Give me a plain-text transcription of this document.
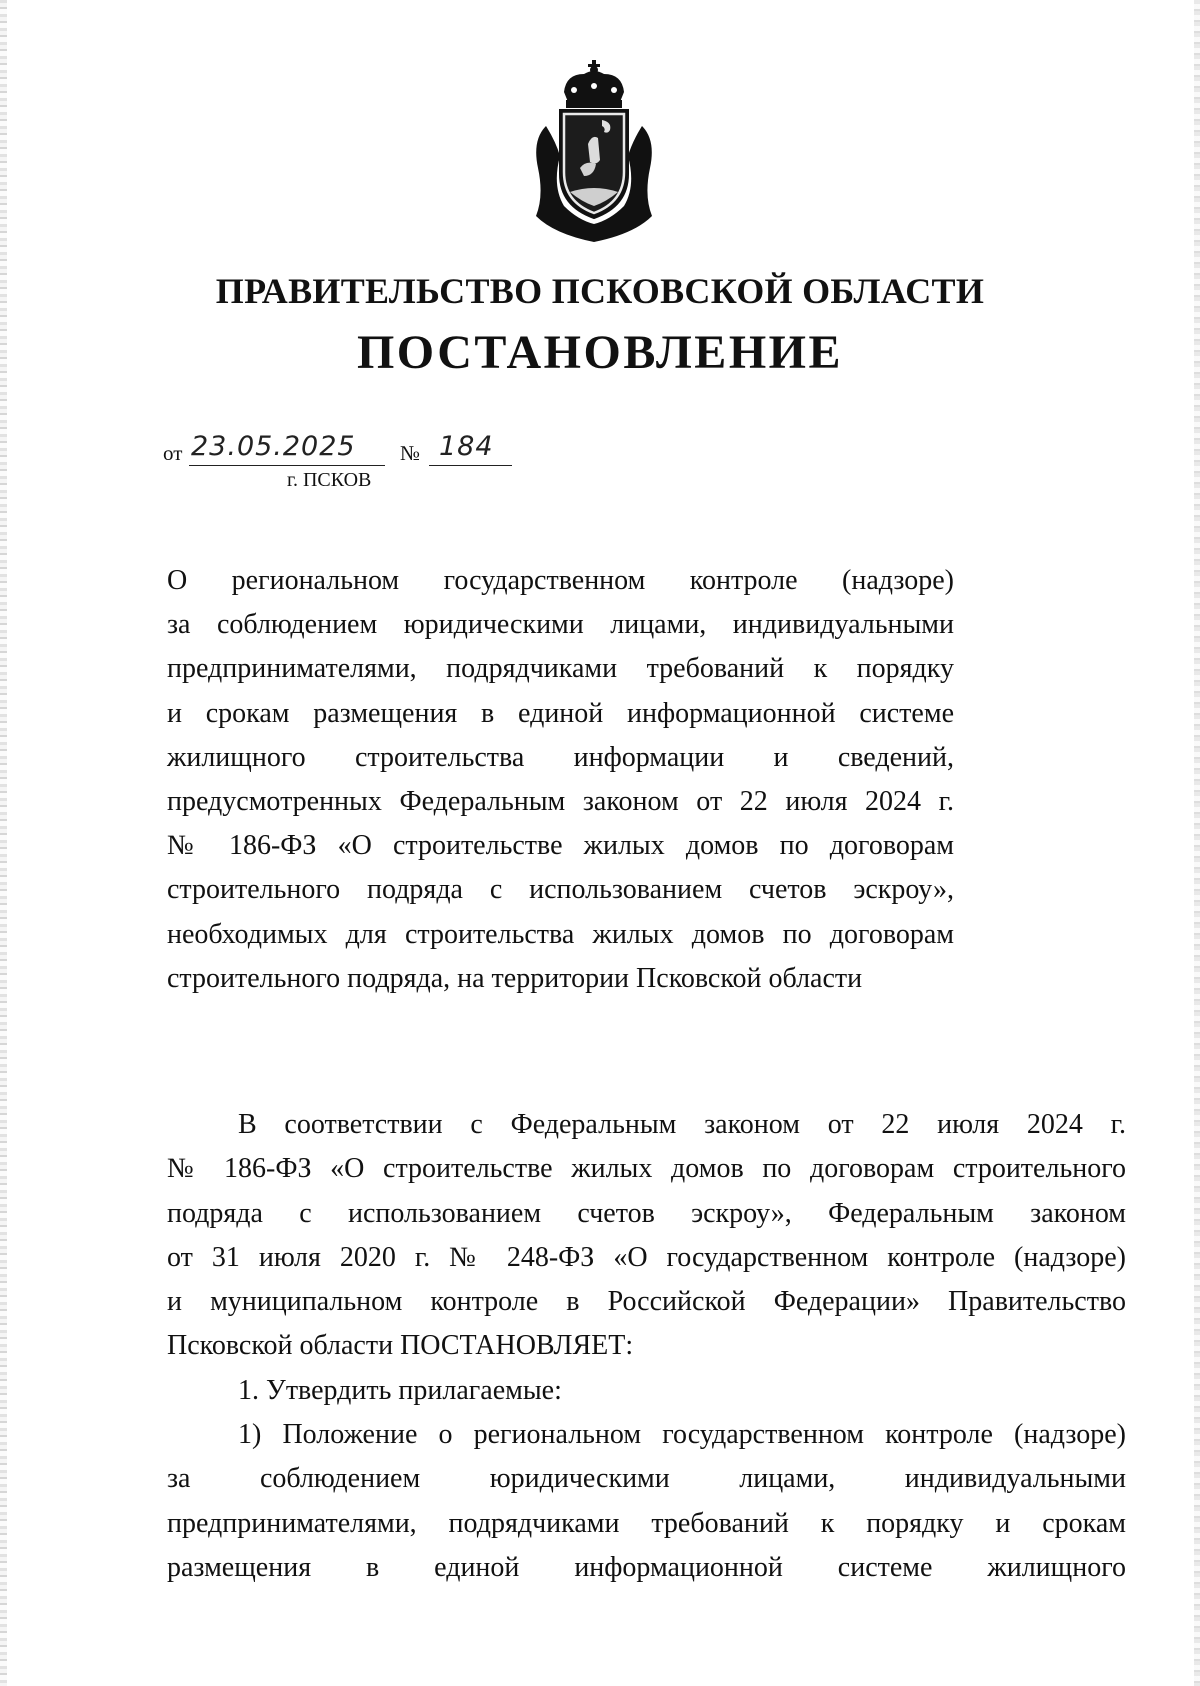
ПРАВИТЕЛЬСТВО ПСКОВСКОЙ ОБЛАСТИ
ПОСТАНОВЛЕНИЕ
от 23.05.2025 № 184
г. ПСКОВ
О региональном государственном контроле (надзоре)
за соблюдением юридическими лицами, индивидуальными
предпринимателями, подрядчиками требований к порядку
и срокам размещения в единой информационной системе
жилищного строительства информации и сведений,
предусмотренных Федеральным законом от 22 июля 2024 г.
№ 186-ФЗ «О строительстве жилых домов по договорам
строительного подряда с использованием счетов эскроу»,
необходимых для строительства жилых домов по договорам
строительного подряда, на территории Псковской области
В соответствии с Федеральным законом от 22 июля 2024 г.
№ 186-ФЗ «О строительстве жилых домов по договорам строительного
подряда с использованием счетов эскроу», Федеральным законом
от 31 июля 2020 г. № 248-ФЗ «О государственном контроле (надзоре)
и муниципальном контроле в Российской Федерации» Правительство
Псковской области ПОСТАНОВЛЯЕТ:
1. Утвердить прилагаемые:
1) Положение о региональном государственном контроле (надзоре)
за соблюдением юридическими лицами, индивидуальными
предпринимателями, подрядчиками требований к порядку и срокам
размещения в единой информационной системе жилищного
